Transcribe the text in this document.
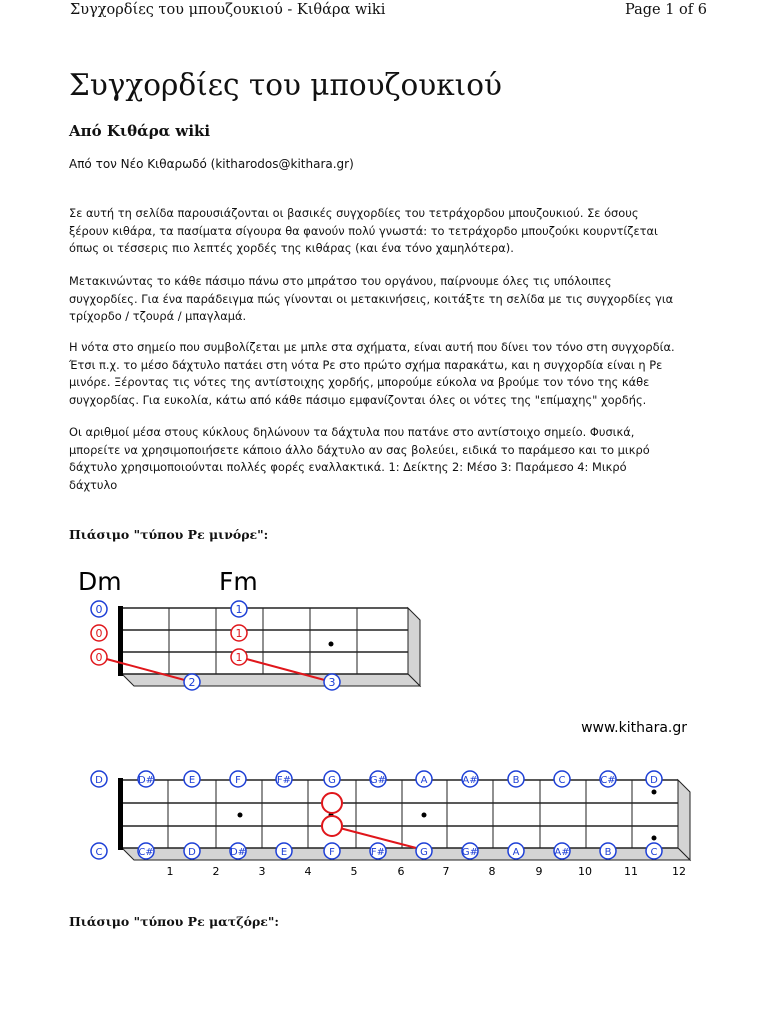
Συγχορδίες του μπουζουκιού - Κιθάρα wiki	Page 1 of 6
Συγχορδίες του μπουζουκιού
Από Κιθάρα wiki

Από τον Νέο Κιθαρωδό (kitharodos@kithara.gr)

Σε αυτή τη σελίδα παρουσιάζονται οι βασικές συγχορδίες του τετράχορδου μπουζουκιού. Σε όσους
ξέρουν κιθάρα, τα πασίματα σίγουρα θα φανούν πολύ γνωστά: το τετράχορδο μπουζούκι κουρντίζεται
όπως οι τέσσερις πιο λεπτές χορδές της κιθάρας (και ένα τόνο χαμηλότερα).

Μετακινώντας το κάθε πάσιμο πάνω στο μπράτσο του οργάνου, παίρνουμε όλες τις υπόλοιπες
συγχορδίες. Για ένα παράδειγμα πώς γίνονται οι μετακινήσεις, κοιτάξτε τη σελίδα με τις συγχορδίες για
τρίχορδο / τζουρά / μπαγλαμά.

Η νότα στο σημείο που συμβολίζεται με μπλε στα σχήματα, είναι αυτή που δίνει τον τόνο στη συγχορδία.
Έτσι π.χ. το μέσο δάχτυλο πατάει στη νότα Ρε στο πρώτο σχήμα παρακάτω, και η συγχορδία είναι η Ρε
μινόρε. Ξέροντας τις νότες της αντίστοιχης χορδής, μπορούμε εύκολα να βρούμε τον τόνο της κάθε
συγχορδίας. Για ευκολία, κάτω από κάθε πάσιμο εμφανίζονται όλες οι νότες της "επίμαχης" χορδής.

Οι αριθμοί μέσα στους κύκλους δηλώνουν τα δάχτυλα που πατάνε στο αντίστοιχο σημείο. Φυσικά,
μπορείτε να χρησιμοποιήσετε κάποιο άλλο δάχτυλο αν σας βολεύει, ειδικά το παράμεσο και το μικρό
δάχτυλο χρησιμοποιούνται πολλές φορές εναλλακτικά. 1: Δείκτης 2: Μέσο 3: Παράμεσο 4: Μικρό
δάχτυλο

Πιάσιμο "τύπου Ρε μινόρε":

Dm	Fm
0
0
0
2
1
1
1
3
www.kithara.gr
D	D#	E	F	F#	G	G#	A	A#	B	C	C#	D
C	C#	D	D#	E	F	F#	G	G#	A	A#	B	C
1	2	3	4	5	6	7	8	9	10	11	12

Πιάσιμο "τύπου Ρε ματζόρε":
